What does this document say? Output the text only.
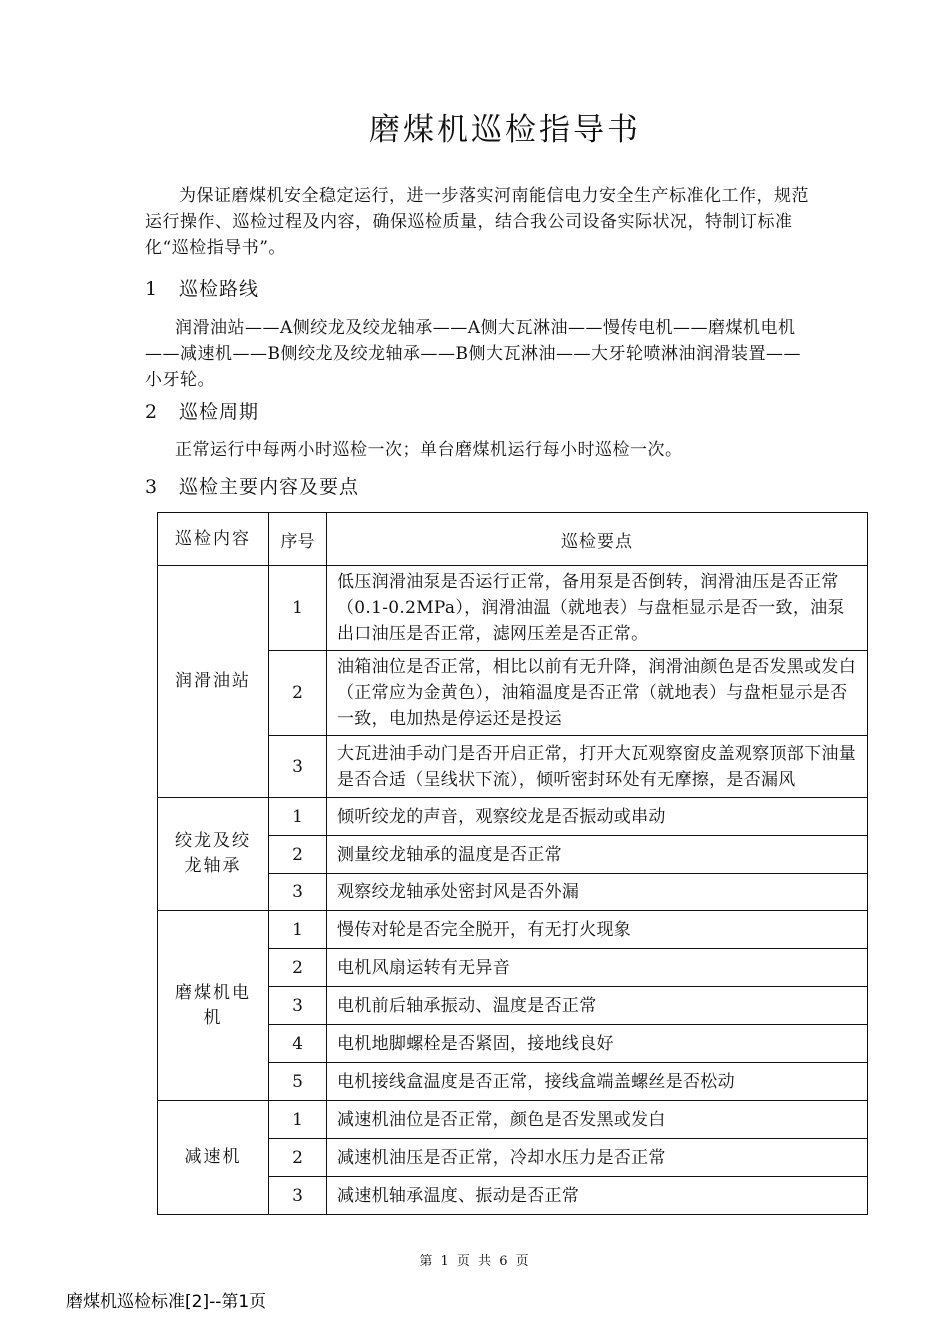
磨煤机巡检指导书
为保证磨煤机安全稳定运行，进一步落实河南能信电力安全生产标准化工作，规范运行操作、巡检过程及内容，确保巡检质量，结合我公司设备实际状况，特制订标准化“巡检指导书”。
1 巡检路线
润滑油站——A侧绞龙及绞龙轴承——A侧大瓦淋油——慢传电机——磨煤机电机——减速机——B侧绞龙及绞龙轴承——B侧大瓦淋油——大牙轮喷淋油润滑装置——小牙轮。
2 巡检周期
正常运行中每两小时巡检一次；单台磨煤机运行每小时巡检一次。
3 巡检主要内容及要点
巡检内容	序号	巡检要点
润滑油站	1	低压润滑油泵是否运行正常，备用泵是否倒转，润滑油压是否正常（0.1-0.2MPa），润滑油温（就地表）与盘柜显示是否一致，油泵出口油压是否正常，滤网压差是否正常。
	2	油箱油位是否正常，相比以前有无升降，润滑油颜色是否发黑或发白（正常应为金黄色），油箱温度是否正常（就地表）与盘柜显示是否一致，电加热是停运还是投运
	3	大瓦进油手动门是否开启正常，打开大瓦观察窗皮盖观察顶部下油量是否合适（呈线状下流），倾听密封环处有无摩擦，是否漏风
绞龙及绞龙轴承	1	倾听绞龙的声音，观察绞龙是否振动或串动
	2	测量绞龙轴承的温度是否正常
	3	观察绞龙轴承处密封风是否外漏
磨煤机电机	1	慢传对轮是否完全脱开，有无打火现象
	2	电机风扇运转有无异音
	3	电机前后轴承振动、温度是否正常
	4	电机地脚螺栓是否紧固，接地线良好
	5	电机接线盒温度是否正常，接线盒端盖螺丝是否松动
减速机	1	减速机油位是否正常，颜色是否发黑或发白
	2	减速机油压是否正常，冷却水压力是否正常
	3	减速机轴承温度、振动是否正常
第 1 页 共 6 页
磨煤机巡检标准[2]--第1页
